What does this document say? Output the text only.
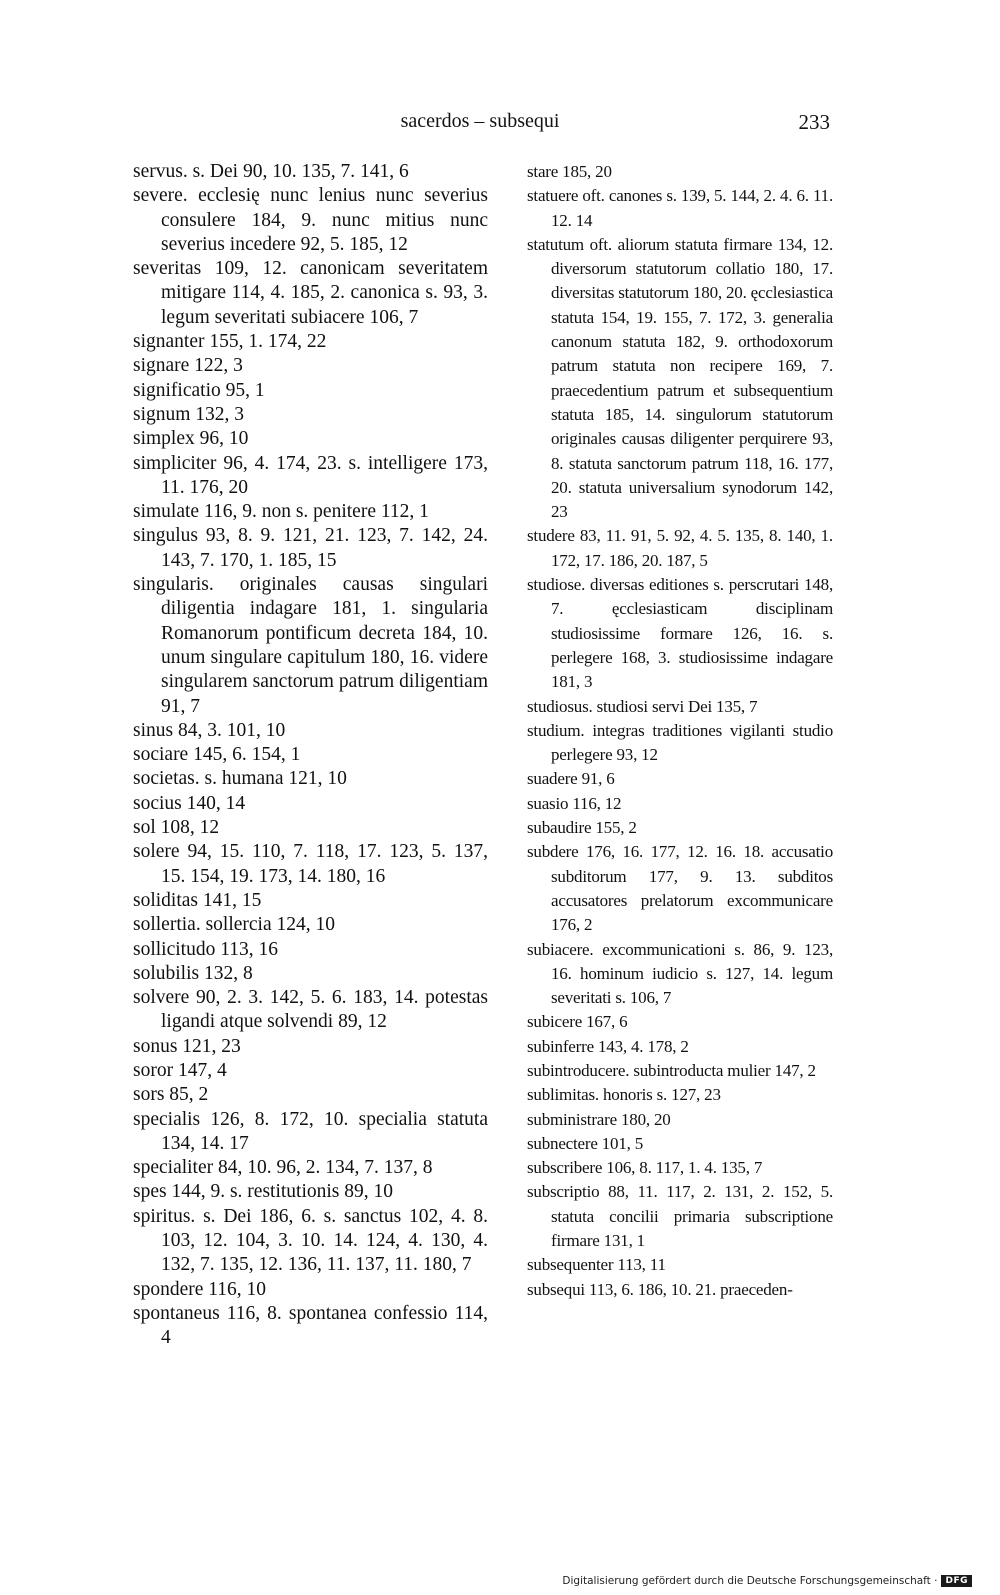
sacerdos – subsequi	233

servus. s. Dei 90, 10. 135, 7. 141, 6

severe. ecclesię nunc lenius nunc severius consulere 184, 9. nunc mitius nunc severius incedere 92, 5. 185, 12

severitas 109, 12. canonicam severitatem mitigare 114, 4. 185, 2. canonica s. 93, 3. legum severitati subiacere 106, 7

signanter 155, 1. 174, 22

signare 122, 3

significatio 95, 1

signum 132, 3

simplex 96, 10

simpliciter 96, 4. 174, 23. s. intelligere 173, 11. 176, 20

simulate 116, 9. non s. penitere 112, 1

singulus 93, 8. 9. 121, 21. 123, 7. 142, 24. 143, 7. 170, 1. 185, 15

singularis. originales causas singulari diligentia indagare 181, 1. singularia Romanorum pontificum decreta 184, 10. unum singulare capitulum 180, 16. videre singularem sanctorum patrum diligentiam 91, 7

sinus 84, 3. 101, 10

sociare 145, 6. 154, 1

societas. s. humana 121, 10

socius 140, 14

sol 108, 12

solere 94, 15. 110, 7. 118, 17. 123, 5. 137, 15. 154, 19. 173, 14. 180, 16

soliditas 141, 15

sollertia. sollercia 124, 10

sollicitudo 113, 16

solubilis 132, 8

solvere 90, 2. 3. 142, 5. 6. 183, 14. potestas ligandi atque solvendi 89, 12

sonus 121, 23

soror 147, 4

sors 85, 2

specialis 126, 8. 172, 10. specialia statuta 134, 14. 17

specialiter 84, 10. 96, 2. 134, 7. 137, 8

spes 144, 9. s. restitutionis 89, 10

spiritus. s. Dei 186, 6. s. sanctus 102, 4. 8. 103, 12. 104, 3. 10. 14. 124, 4. 130, 4. 132, 7. 135, 12. 136, 11. 137, 11. 180, 7

spondere 116, 10

spontaneus 116, 8. spontanea confessio 114, 4

stare 185, 20

statuere oft. canones s. 139, 5. 144, 2. 4. 6. 11. 12. 14

statutum oft. aliorum statuta firmare 134, 12. diversorum statutorum collatio 180, 17. diversitas statutorum 180, 20. ęcclesiastica statuta 154, 19. 155, 7. 172, 3. generalia canonum statuta 182, 9. orthodoxorum patrum statuta non recipere 169, 7. praecedentium patrum et subsequentium statuta 185, 14. singulorum statutorum originales causas diligenter perquirere 93, 8. statuta sanctorum patrum 118, 16. 177, 20. statuta universalium synodorum 142, 23

studere 83, 11. 91, 5. 92, 4. 5. 135, 8. 140, 1. 172, 17. 186, 20. 187, 5

studiose. diversas editiones s. perscrutari 148, 7. ęcclesiasticam disciplinam studiosissime formare 126, 16. s. perlegere 168, 3. studiosissime indagare 181, 3

studiosus. studiosi servi Dei 135, 7

studium. integras traditiones vigilanti studio perlegere 93, 12

suadere 91, 6

suasio 116, 12

subaudire 155, 2

subdere 176, 16. 177, 12. 16. 18. accusatio subditorum 177, 9. 13. subditos accusatores prelatorum excommunicare 176, 2

subiacere. excommunicationi s. 86, 9. 123, 16. hominum iudicio s. 127, 14. legum severitati s. 106, 7

subicere 167, 6

subinferre 143, 4. 178, 2

subintroducere. subintroducta mulier 147, 2

sublimitas. honoris s. 127, 23

subministrare 180, 20

subnectere 101, 5

subscribere 106, 8. 117, 1. 4. 135, 7

subscriptio 88, 11. 117, 2. 131, 2. 152, 5. statuta concilii primaria subscriptione firmare 131, 1

subsequenter 113, 11

subsequi 113, 6. 186, 10. 21. praeceden-

Digitalisierung gefördert durch die Deutsche Forschungsgemeinschaft · DFG
